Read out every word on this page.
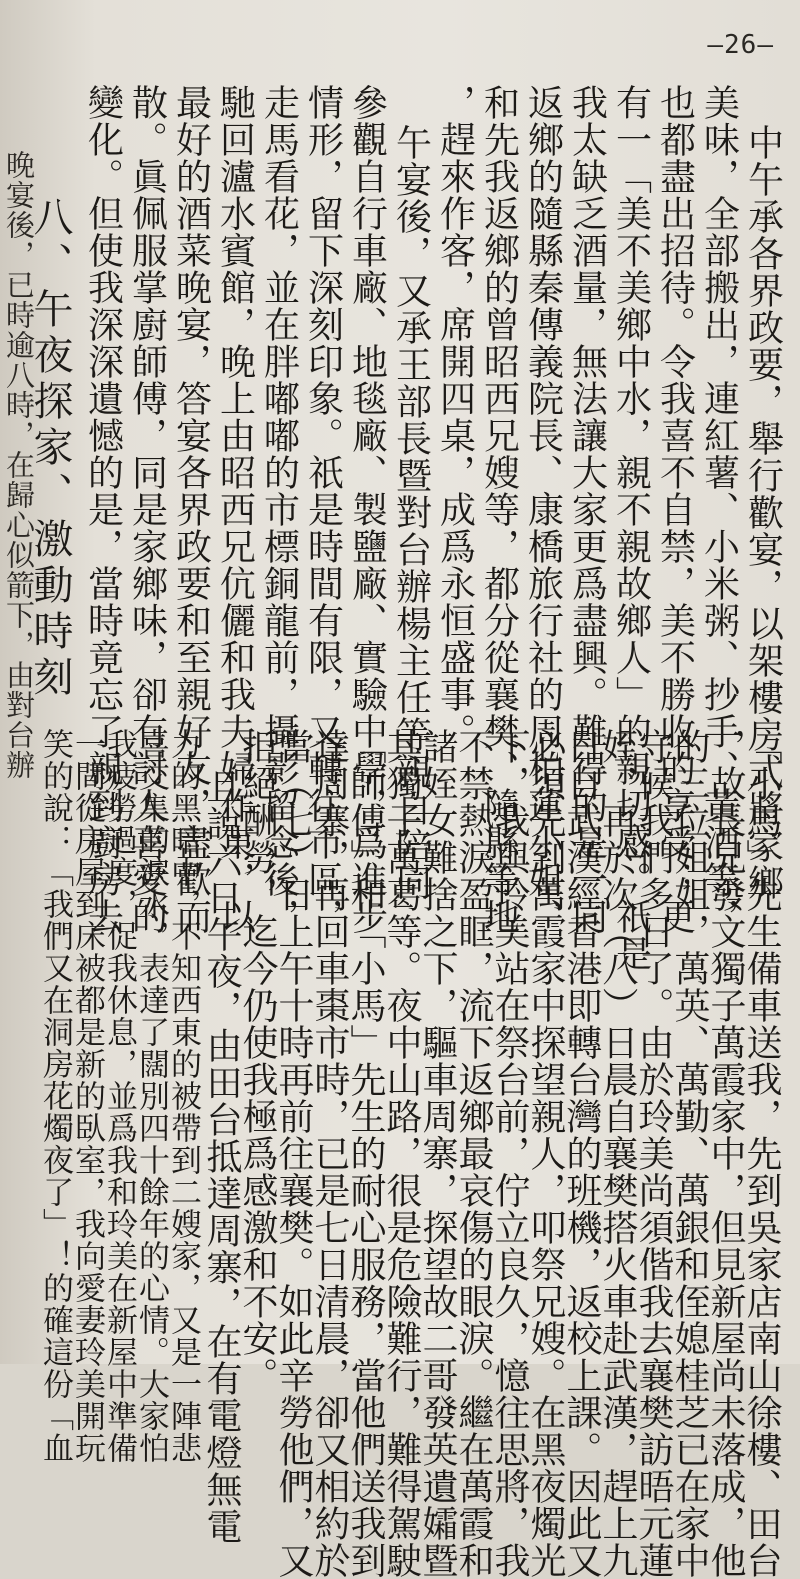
—26—
中午承各界政要，舉行歡宴，以架樓房式將家鄉
美味，全部搬出，連紅薯、小米粥、抄手、黃酒等，
也都盡出招待。令我喜不自禁，美不勝收的享受；更
有一「美不美鄉中水，親不親故鄉人」的親切感。祇是
我太缺乏酒量，無法讓大家更爲盡興。難得的是一同
返鄉的隨縣秦傳義院長、康橋旅行社的周柏蓮小姐、
和先我返鄉的曾昭西兄嫂等，都分從襄樊、隨縣等地
，趕來作客，席開四桌，成爲永恒盛事。
午宴後，又承王部長暨對台辦楊主任等親自陪同
參觀自行車廠、地毯廠、製鹽廠、實驗中學，爲進步
情形，留下深刻印象。祇是時間有限，又轉往市區，
走馬看花，並在胖嘟嘟的市標銅龍前，攝影留念後，
馳回瀘水賓館，晚上由昭西兄伉儷和我夫婦作東，以
最好的酒菜晚宴，答宴各界政要和至親好友，盡歡而
散。眞佩服掌廚師傅，同是家鄉味，卻有討人喜愛的
變化。但使我深深遺憾的是，當時竟忘了親到廚房去
八、午夜探家、激動時刻
晚宴後，已時逾八時，在歸心似箭下，由對台辦
「小馬」先生備車送我，先到吳家店南山徐樓、田台
，故長兄發文獨子萬霞家中，但見新屋尚未落成，他
的三位姐姐，萬英、萬勤、萬銀和侄媳桂芝已在家中
守候我們多日了。由於玲美尚須偕我去襄樊訪晤元蓮
姪，再於次（八）日晨自襄樊搭火車赴武漢，趕上九
日自武漢經香港即轉台灣的班機，返校上課。因此又
必須先到萬霞家中探望親人，叩祭兄嫂。在黑夜燭光
下，我與玲美站在祭台前，佇立良久，憶往思將，我
不禁熱淚盈眶，流下返鄉最哀傷的眼淚。繼在萬霞和
諸姪女難捨之下，驅車周寨，探望故二哥發英遺孀暨
其獨子萬葛等。夜中山路，很是危險難行，難得駕駛
「師傅」和「小馬」先生的耐心服務，當他們送我到
達周寨，再回車棗市時，已是七日清晨，卻又相約於
當（七）日上午十時再前往襄樊。如此辛勞他們，又
拒絕酬勞，迄今仍使我極爲感激和不安。
且說六日午夜，由田台抵達周寨，在有電燈無電
力的黑暗中，不知西東的被帶到二嫂家，又是一陣悲
喜交集的淚水，表達了闊別四十餘年的心情。大家怕
我疲勞過度，促我休息，並爲我和玲美在新屋中準備
一間從房屋到床被都是新的臥室，我向愛妻玲美開玩
笑的說：「我們又在洞房花燭夜了」！的確這份「血
